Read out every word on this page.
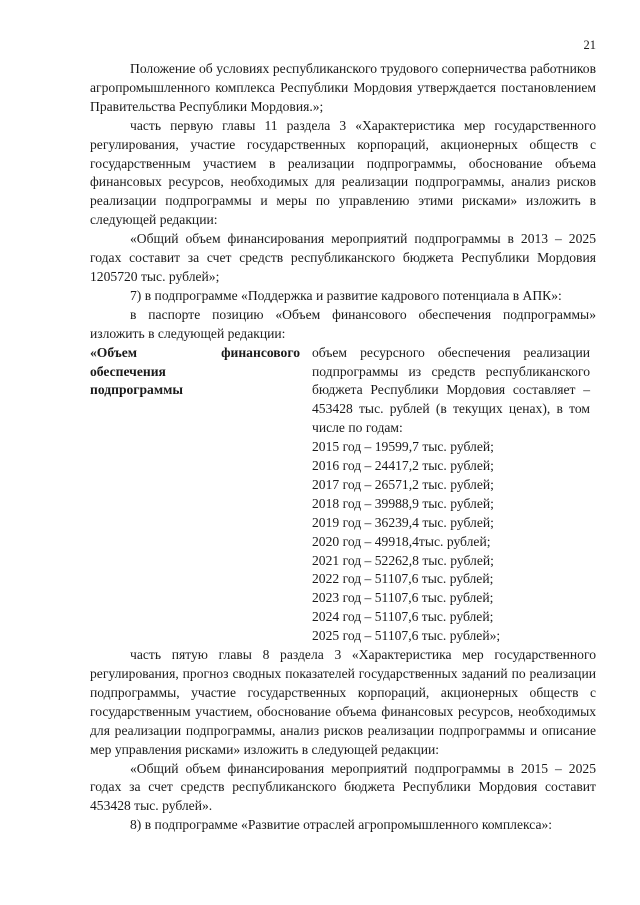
21

Положение об условиях республиканского трудового соперничества работников агропромышленного комплекса Республики Мордовия утверждается постановлением Правительства Республики Мордовия.»;

часть первую главы 11 раздела 3 «Характеристика мер государственного регулирования, участие государственных корпораций, акционерных обществ с государственным участием в реализации подпрограммы, обоснование объема финансовых ресурсов, необходимых для реализации подпрограммы, анализ рисков реализации подпрограммы и меры по управлению этими рисками» изложить в следующей редакции:

«Общий объем финансирования мероприятий подпрограммы в 2013 – 2025 годах составит за счет средств республиканского бюджета Республики Мордовия 1205720 тыс. рублей»;

7) в подпрограмме «Поддержка и развитие кадрового потенциала в АПК»:

в паспорте позицию «Объем финансового обеспечения подпрограммы» изложить в следующей редакции:

«Объем финансового

обеспечения

подпрограммы

объем ресурсного обеспечения реализации подпрограммы из средств республиканского бюджета Республики Мордовия составляет – 453428 тыс. рублей (в текущих ценах), в том числе по годам:

2015 год – 19599,7 тыс. рублей;
2016 год – 24417,2 тыс. рублей;
2017 год – 26571,2 тыс. рублей;
2018 год – 39988,9 тыс. рублей;
2019 год – 36239,4 тыс. рублей;
2020 год – 49918,4тыс. рублей;
2021 год – 52262,8 тыс. рублей;
2022 год – 51107,6 тыс. рублей;
2023 год – 51107,6 тыс. рублей;
2024 год – 51107,6 тыс. рублей;
2025 год – 51107,6 тыс. рублей»;

часть пятую главы 8 раздела 3 «Характеристика мер государственного регулирования, прогноз сводных показателей государственных заданий по реализации подпрограммы, участие государственных корпораций, акционерных обществ с государственным участием, обоснование объема финансовых ресурсов, необходимых для реализации подпрограммы, анализ рисков реализации подпрограммы и описание мер управления рисками» изложить в следующей редакции:

«Общий объем финансирования мероприятий подпрограммы в 2015 – 2025 годах за счет средств республиканского бюджета Республики Мордовия составит 453428 тыс. рублей».

8) в подпрограмме «Развитие отраслей агропромышленного комплекса»:
